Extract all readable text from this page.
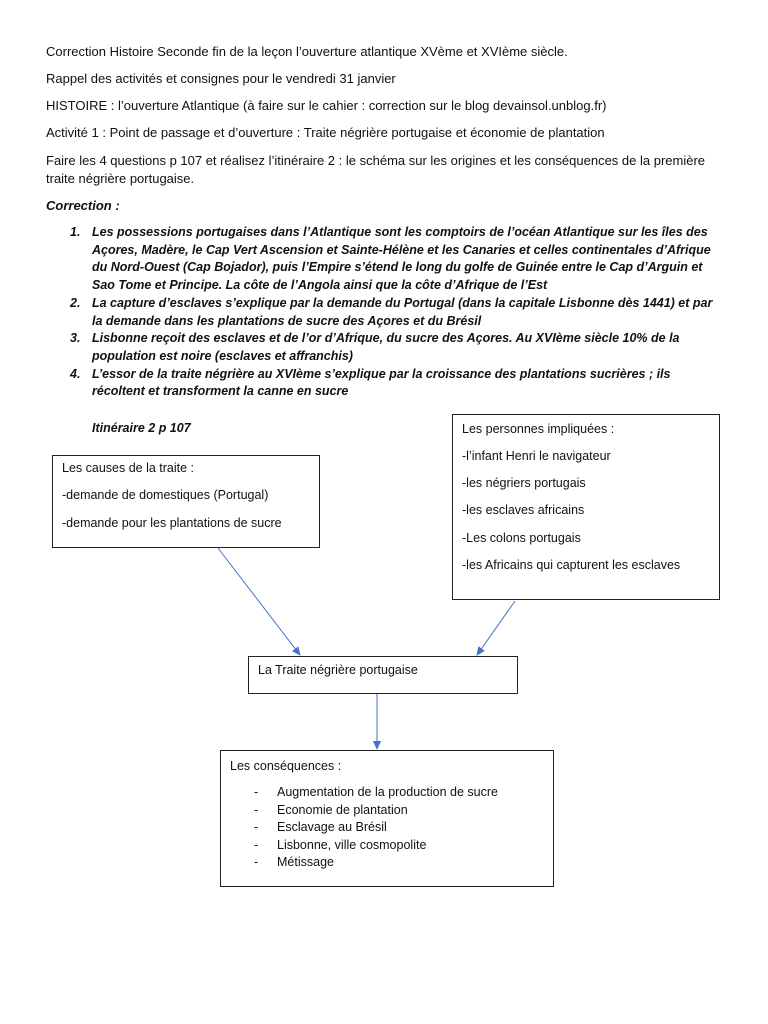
Correction Histoire Seconde fin de la leçon l’ouverture atlantique XVème et XVIème siècle.

Rappel des activités et consignes pour le vendredi 31 janvier

HISTOIRE : l’ouverture Atlantique (à faire sur le cahier : correction sur le blog devainsol.unblog.fr)

Activité 1 : Point de passage et d’ouverture : Traite négrière portugaise et économie de plantation

Faire les 4 questions p 107 et réalisez l’itinéraire 2 : le schéma sur les origines et les conséquences de la première traite négrière portugaise.

Correction :

1. Les possessions portugaises dans l’Atlantique sont les comptoirs de l’océan Atlantique sur les îles des Açores, Madère, le Cap Vert Ascension et Sainte-Hélène et les Canaries et celles continentales d’Afrique du Nord-Ouest (Cap Bojador), puis l’Empire s’étend le long du golfe de Guinée entre le Cap d’Arguin et Sao Tome et Principe. La côte de l’Angola ainsi que la côte d’Afrique de l’Est
2. La capture d’esclaves s’explique par la demande du Portugal (dans la capitale Lisbonne dès 1441) et par la demande dans les plantations de sucre des Açores et du Brésil
3. Lisbonne reçoit des esclaves et de l’or d’Afrique, du sucre des Açores. Au XVIème siècle 10% de la population est noire (esclaves et affranchis)
4. L’essor de la traite négrière au XVIème s’explique par la croissance des plantations sucrières ; ils récoltent et transforment la canne en sucre
Itinéraire 2 p 107
Les causes de la traite :
-demande de domestiques (Portugal)
-demande pour les plantations de sucre
Les personnes impliquées :
-l’infant Henri le navigateur
-les négriers portugais
-les esclaves africains
-Les colons portugais
-les Africains qui capturent les esclaves
La Traite négrière portugaise
Les conséquences :
- Augmentation de la production de sucre
- Economie de plantation
- Esclavage au Brésil
- Lisbonne, ville cosmopolite
- Métissage
